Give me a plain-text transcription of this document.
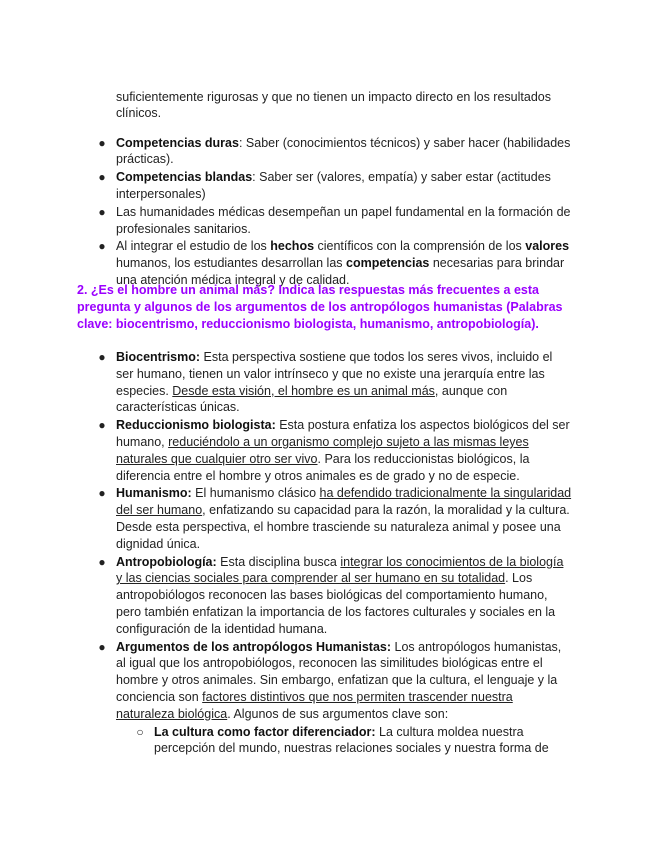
suficientemente rigurosas y que no tienen un impacto directo en los resultados clínicos.

● Competencias duras: Saber (conocimientos técnicos) y saber hacer (habilidades prácticas).
● Competencias blandas: Saber ser (valores, empatía) y saber estar (actitudes interpersonales)
● Las humanidades médicas desempeñan un papel fundamental en la formación de profesionales sanitarios.
● Al integrar el estudio de los hechos científicos con la comprensión de los valores humanos, los estudiantes desarrollan las competencias necesarias para brindar una atención médica integral y de calidad.

2. ¿Es el hombre un animal más? Indica las respuestas más frecuentes a esta pregunta y algunos de los argumentos de los antropólogos humanistas (Palabras clave: biocentrismo, reduccionismo biologista, humanismo, antropobiología).

● Biocentrismo: Esta perspectiva sostiene que todos los seres vivos, incluido el ser humano, tienen un valor intrínseco y que no existe una jerarquía entre las especies. Desde esta visión, el hombre es un animal más, aunque con características únicas.
● Reduccionismo biologista: Esta postura enfatiza los aspectos biológicos del ser humano, reduciéndolo a un organismo complejo sujeto a las mismas leyes naturales que cualquier otro ser vivo. Para los reduccionistas biológicos, la diferencia entre el hombre y otros animales es de grado y no de especie.
● Humanismo: El humanismo clásico ha defendido tradicionalmente la singularidad del ser humano, enfatizando su capacidad para la razón, la moralidad y la cultura. Desde esta perspectiva, el hombre trasciende su naturaleza animal y posee una dignidad única.
● Antropobiología: Esta disciplina busca integrar los conocimientos de la biología y las ciencias sociales para comprender al ser humano en su totalidad. Los antropobiólogos reconocen las bases biológicas del comportamiento humano, pero también enfatizan la importancia de los factores culturales y sociales en la configuración de la identidad humana.
● Argumentos de los antropólogos Humanistas: Los antropólogos humanistas, al igual que los antropobiólogos, reconocen las similitudes biológicas entre el hombre y otros animales. Sin embargo, enfatizan que la cultura, el lenguaje y la conciencia son factores distintivos que nos permiten trascender nuestra naturaleza biológica. Algunos de sus argumentos clave son:
○ La cultura como factor diferenciador: La cultura moldea nuestra percepción del mundo, nuestras relaciones sociales y nuestra forma de
